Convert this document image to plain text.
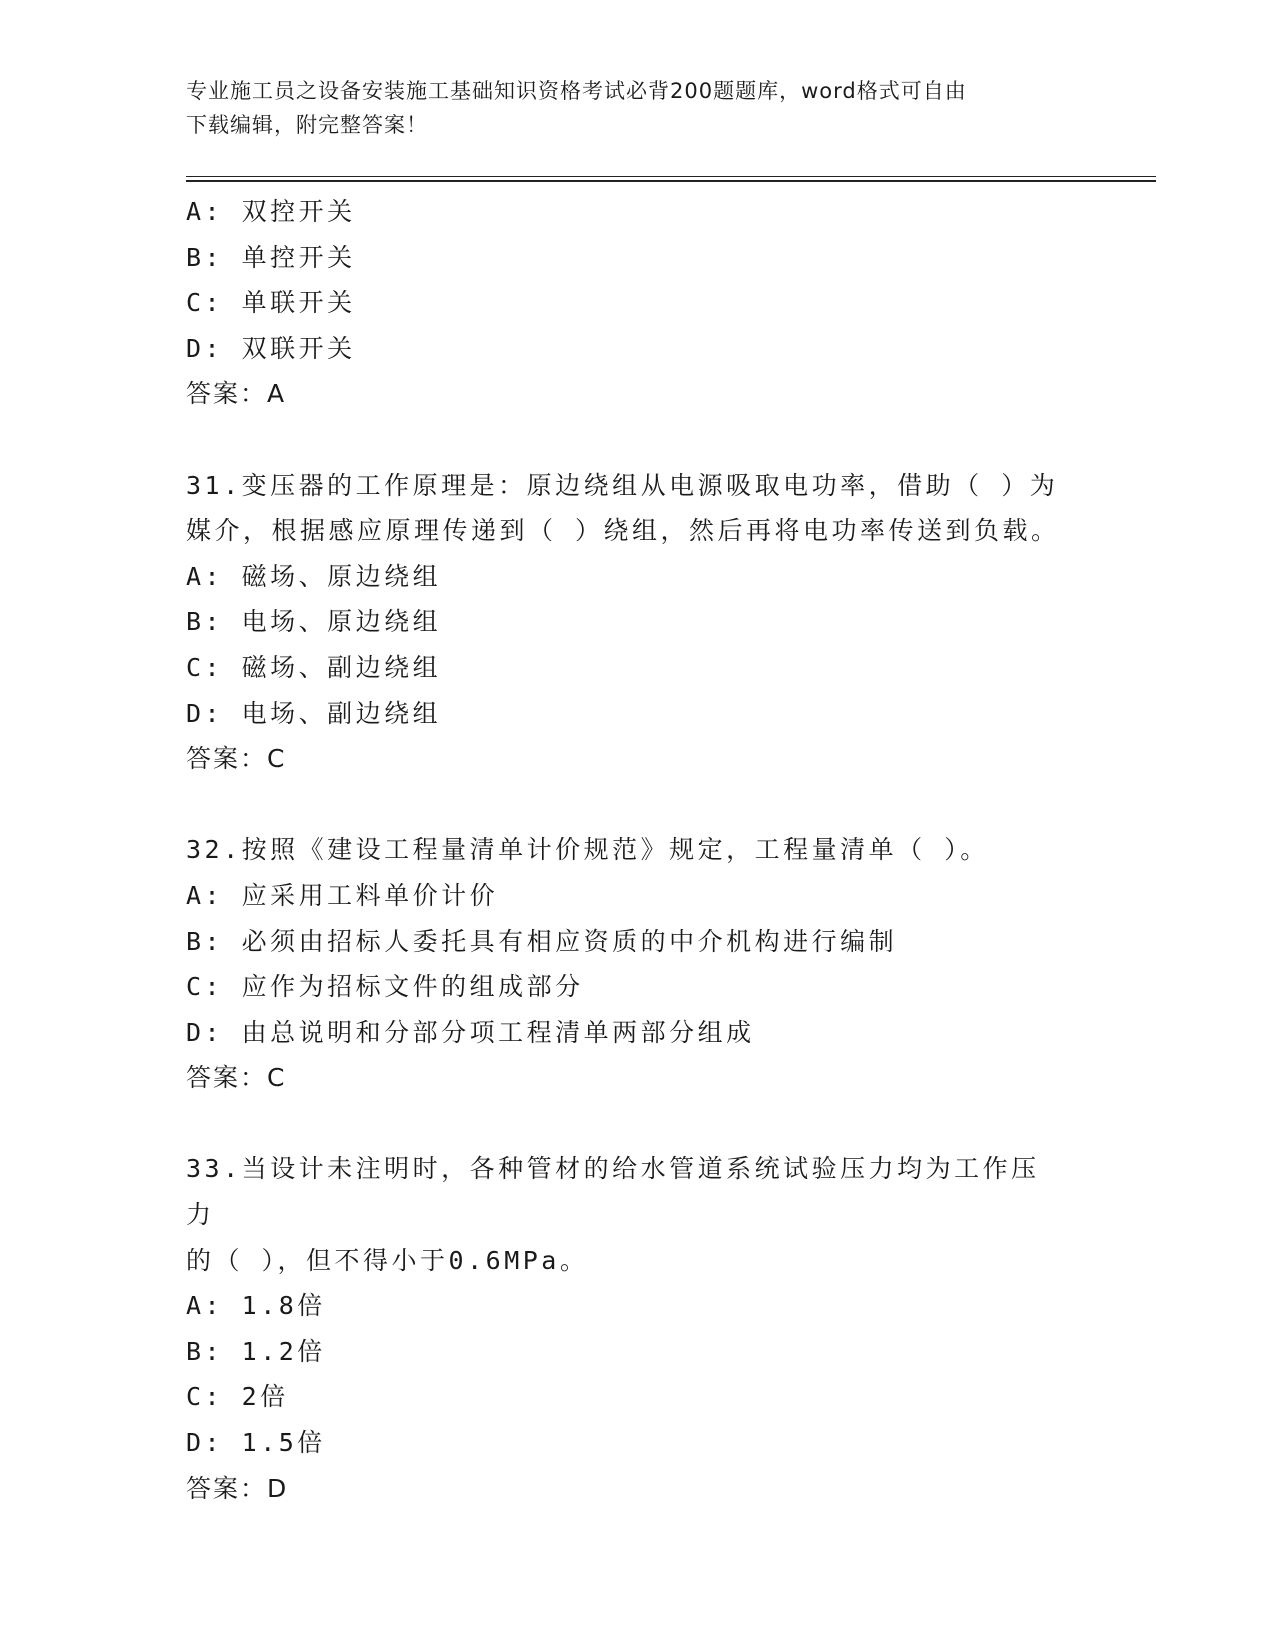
专业施工员之设备安装施工基础知识资格考试必背200题题库，word格式可自由
下载编辑，附完整答案！
A: 双控开关
B: 单控开关
C: 单联开关
D: 双联开关
答案：A
31.变压器的工作原理是：原边绕组从电源吸取电功率，借助（ ）为
媒介，根据感应原理传递到（ ）绕组，然后再将电功率传送到负载。
A: 磁场、原边绕组
B: 电场、原边绕组
C: 磁场、副边绕组
D: 电场、副边绕组
答案：C
32.按照《建设工程量清单计价规范》规定，工程量清单（ ）。
A: 应采用工料单价计价
B: 必须由招标人委托具有相应资质的中介机构进行编制
C: 应作为招标文件的组成部分
D: 由总说明和分部分项工程清单两部分组成
答案：C
33.当设计未注明时，各种管材的给水管道系统试验压力均为工作压力
的（ ），但不得小于0.6MPa。
A: 1.8倍
B: 1.2倍
C: 2倍
D: 1.5倍
答案：D
